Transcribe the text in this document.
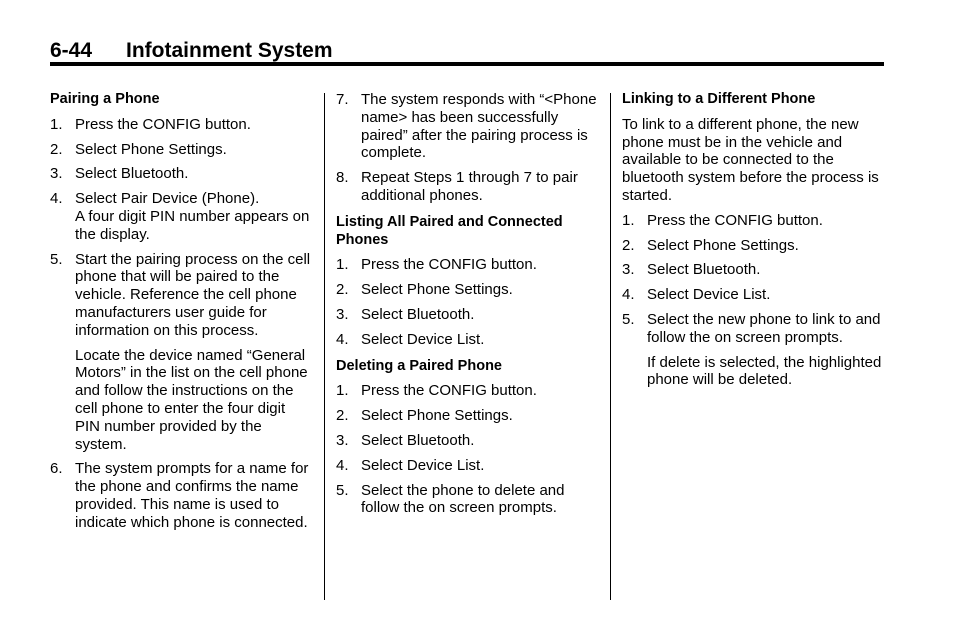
6-44 Infotainment System
Pairing a Phone
1. Press the CONFIG button.
2. Select Phone Settings.
3. Select Bluetooth.
4. Select Pair Device (Phone).
A four digit PIN number appears on the display.
5. Start the pairing process on the cell phone that will be paired to the vehicle. Reference the cell phone manufacturers user guide for information on this process.
Locate the device named “General Motors” in the list on the cell phone and follow the instructions on the cell phone to enter the four digit PIN number provided by the system.
6. The system prompts for a name for the phone and confirms the name provided. This name is used to indicate which phone is connected.
7. The system responds with “<Phone name> has been successfully paired” after the pairing process is complete.
8. Repeat Steps 1 through 7 to pair additional phones.
Listing All Paired and Connected Phones
1. Press the CONFIG button.
2. Select Phone Settings.
3. Select Bluetooth.
4. Select Device List.
Deleting a Paired Phone
1. Press the CONFIG button.
2. Select Phone Settings.
3. Select Bluetooth.
4. Select Device List.
5. Select the phone to delete and follow the on screen prompts.
Linking to a Different Phone
To link to a different phone, the new phone must be in the vehicle and available to be connected to the bluetooth system before the process is started.
1. Press the CONFIG button.
2. Select Phone Settings.
3. Select Bluetooth.
4. Select Device List.
5. Select the new phone to link to and follow the on screen prompts.
If delete is selected, the highlighted phone will be deleted.
